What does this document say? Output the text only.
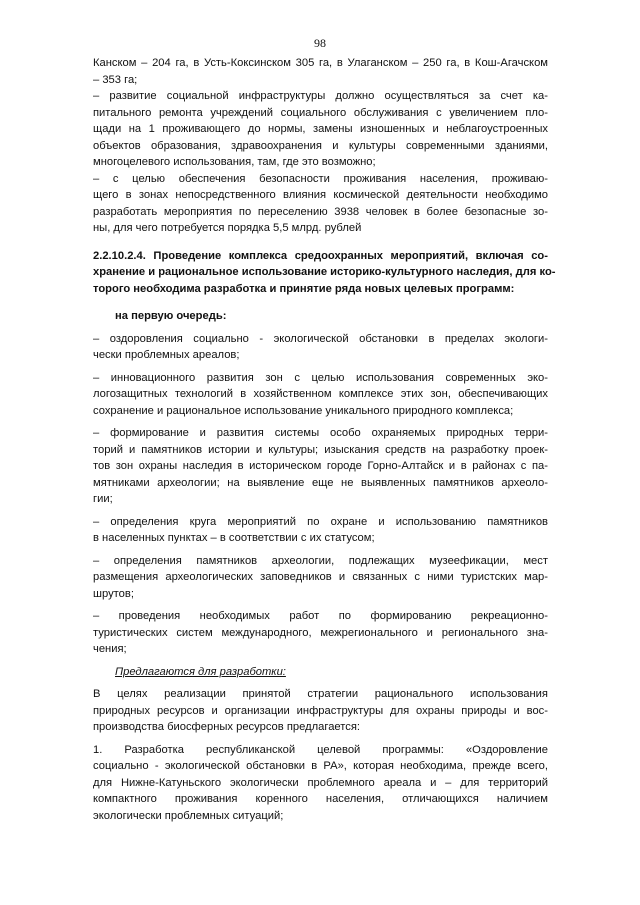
98
Канском – 204 га, в Усть-Коксинском 305 га, в Улаганском – 250 га, в Кош-Агачском
– 353 га;
– развитие социальной инфраструктуры должно осуществляться за счет ка-
питального ремонта учреждений социального обслуживания с увеличением пло-
щади на 1 проживающего до нормы, замены изношенных и неблагоустроенных
объектов образования, здравоохранения и культуры современными зданиями,
многоцелевого использования, там, где это возможно;
– с целью обеспечения безопасности проживания населения, проживаю-
щего в зонах непосредственного влияния космической деятельности необходимо
разработать мероприятия по переселению 3938 человек в более безопасные зо-
ны, для чего потребуется порядка 5,5 млрд. рублей
2.2.10.2.4. Проведение комплекса средоохранных мероприятий, включая со-
хранение и рациональное использование историко-культурного наследия, для ко-
торого необходима разработка и принятие ряда новых целевых программ:
на первую очередь:
– оздоровления социально - экологической обстановки в пределах экологи-
чески проблемных ареалов;
– инновационного развития зон с целью использования современных эко-
логозащитных технологий в хозяйственном комплексе этих зон, обеспечивающих
сохранение и рациональное использование уникального природного комплекса;
– формирование и развития системы особо охраняемых природных терри-
торий и памятников истории и культуры; изыскания средств на разработку проек-
тов зон охраны наследия в историческом городе Горно-Алтайск и в районах с па-
мятниками археологии; на выявление еще не выявленных памятников археоло-
гии;
– определения круга мероприятий по охране и использованию памятников
в населенных пунктах – в соответствии с их статусом;
– определения памятников археологии, подлежащих музеефикации, мест
размещения археологических заповедников и связанных с ними туристских мар-
шрутов;
– проведения необходимых работ по формированию рекреационно-
туристических систем международного, межрегионального и регионального зна-
чения;
Предлагаются для разработки:
В целях реализации принятой стратегии рационального использования
природных ресурсов и организации инфраструктуры для охраны природы и вос-
производства биосферных ресурсов предлагается:
1. Разработка республиканской целевой программы: «Оздоровление
социально - экологической обстановки в РА», которая необходима, прежде всего,
для Нижне-Катуньского экологически проблемного ареала и – для территорий
компактного проживания коренного населения, отличающихся наличием
экологически проблемных ситуаций;
